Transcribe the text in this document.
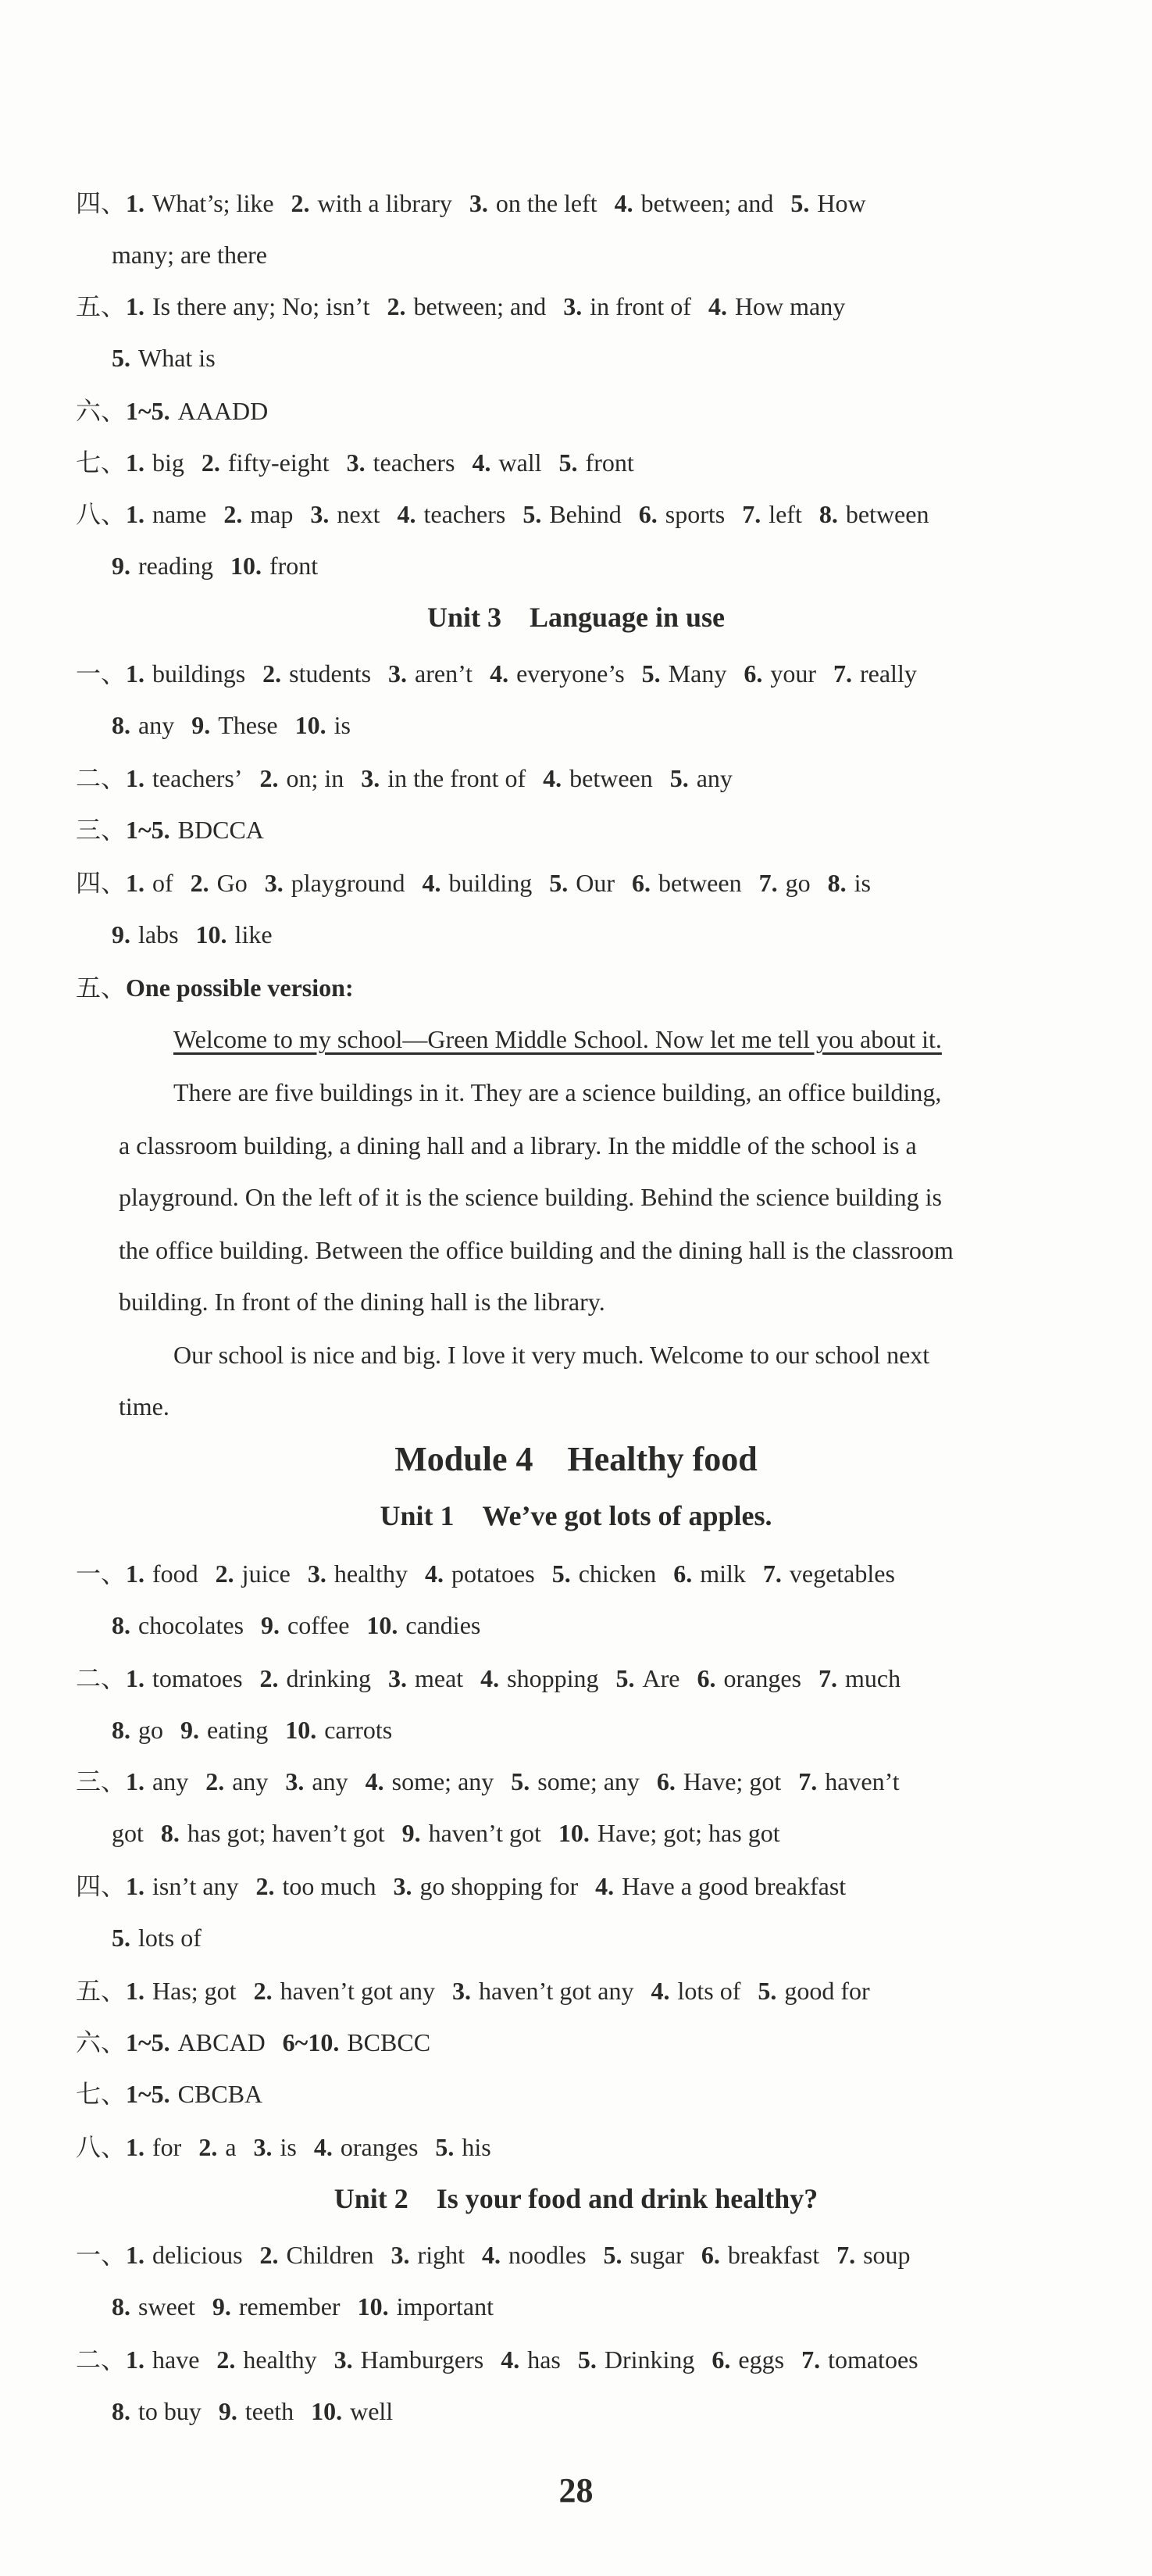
四、1. What’s; like 2. with a library 3. on the left 4. between; and 5. How
many; are there
五、1. Is there any; No; isn’t 2. between; and 3. in front of 4. How many
5. What is
六、1~5. AAADD
七、1. big 2. fifty-eight 3. teachers 4. wall 5. front
八、1. name 2. map 3. next 4. teachers 5. Behind 6. sports 7. left 8. between
9. reading 10. front
Unit 3　Language in use
一、1. buildings 2. students 3. aren’t 4. everyone’s 5. Many 6. your 7. really
8. any 9. These 10. is
二、1. teachers’ 2. on; in 3. in the front of 4. between 5. any
三、1~5. BDCCA
四、1. of 2. Go 3. playground 4. building 5. Our 6. between 7. go 8. is
9. labs 10. like
五、One possible version:
Welcome to my school—Green Middle School. Now let me tell you about it.
There are five buildings in it. They are a science building, an office building,
a classroom building, a dining hall and a library. In the middle of the school is a
playground. On the left of it is the science building. Behind the science building is
the office building. Between the office building and the dining hall is the classroom
building. In front of the dining hall is the library.
Our school is nice and big. I love it very much. Welcome to our school next
time.
Module 4　Healthy food
Unit 1　We’ve got lots of apples.
一、1. food 2. juice 3. healthy 4. potatoes 5. chicken 6. milk 7. vegetables
8. chocolates 9. coffee 10. candies
二、1. tomatoes 2. drinking 3. meat 4. shopping 5. Are 6. oranges 7. much
8. go 9. eating 10. carrots
三、1. any 2. any 3. any 4. some; any 5. some; any 6. Have; got 7. haven’t
got 8. has got; haven’t got 9. haven’t got 10. Have; got; has got
四、1. isn’t any 2. too much 3. go shopping for 4. Have a good breakfast
5. lots of
五、1. Has; got 2. haven’t got any 3. haven’t got any 4. lots of 5. good for
六、1~5. ABCAD 6~10. BCBCC
七、1~5. CBCBA
八、1. for 2. a 3. is 4. oranges 5. his
Unit 2　Is your food and drink healthy?
一、1. delicious 2. Children 3. right 4. noodles 5. sugar 6. breakfast 7. soup
8. sweet 9. remember 10. important
二、1. have 2. healthy 3. Hamburgers 4. has 5. Drinking 6. eggs 7. tomatoes
8. to buy 9. teeth 10. well
28
